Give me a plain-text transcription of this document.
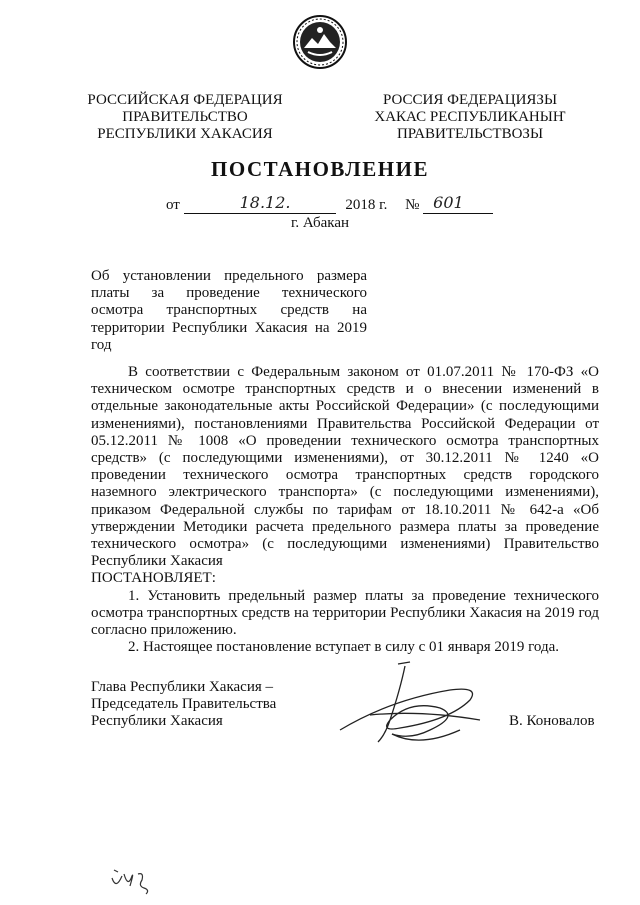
РОССИЙСКАЯ ФЕДЕРАЦИЯ
ПРАВИТЕЛЬСТВО
РЕСПУБЛИКИ ХАКАСИЯ
РОССИЯ ФЕДЕРАЦИЯЗЫ
ХАКАС РЕСПУБЛИКАНЫҤ
ПРАВИТЕЛЬСТВОЗЫ
ПОСТАНОВЛЕНИЕ
от	18.12.	2018 г. № 601
г. Абакан

Об установлении предельного размера платы за проведение технического осмотра транспортных средств на территории Республики Хакасия на 2019 год

В соответствии с Федеральным законом от 01.07.2011 № 170-ФЗ «О техническом осмотре транспортных средств и о внесении изменений в отдельные законодательные акты Российской Федерации» (с последующими изменениями), постановлениями Правительства Российской Федерации от 05.12.2011 № 1008 «О проведении технического осмотра транспортных средств» (с последующими изменениями), от 30.12.2011 № 1240 «О проведении технического осмотра транспортных средств городского наземного электрического транспорта» (с последующими изменениями), приказом Федеральной службы по тарифам от 18.10.2011 № 642-а «Об утверждении Методики расчета предельного размера платы за проведение технического осмотра» (с последующими изменениями) Правительство Республики Хакасия

ПОСТАНОВЛЯЕТ:

1. Установить предельный размер платы за проведение технического осмотра транспортных средств на территории Республики Хакасия на 2019 год согласно приложению.

2. Настоящее постановление вступает в силу с 01 января 2019 года.

Глава Республики Хакасия –
Председатель Правительства
Республики Хакасия	В. Коновалов
